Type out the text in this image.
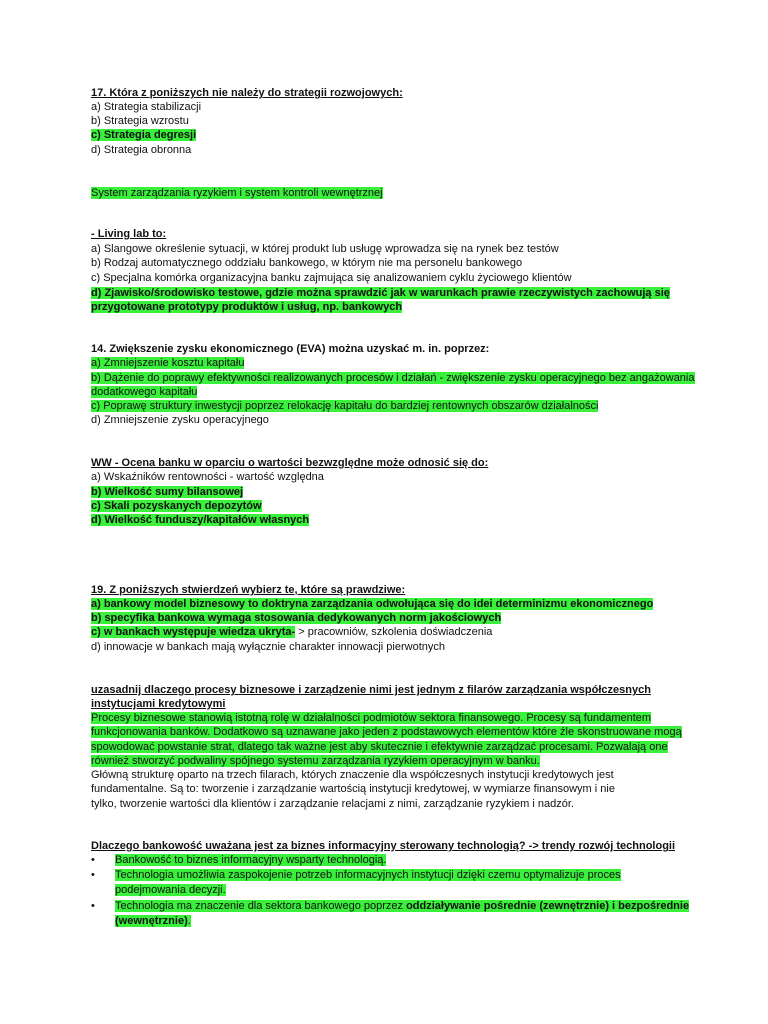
17. Która z poniższych nie należy do strategii rozwojowych:
a) Strategia stabilizacji
b) Strategia wzrostu
c) Strategia degresji
d) Strategia obronna
System zarządzania ryzykiem i system kontroli wewnętrznej
- Living lab to:
a) Slangowe określenie sytuacji, w której produkt lub usługę wprowadza się na rynek bez testów
b) Rodzaj automatycznego oddziału bankowego, w którym nie ma personelu bankowego
c) Specjalna komórka organizacyjna banku zajmująca się analizowaniem cyklu życiowego klientów
d) Zjawisko/środowisko testowe, gdzie można sprawdzić jak w warunkach prawie rzeczywistych zachowują się
przygotowane prototypy produktów i usług, np. bankowych
14. Zwiększenie zysku ekonomicznego (EVA) można uzyskać m. in. poprzez:
a) Zmniejszenie kosztu kapitału
b) Dążenie do poprawy efektywności realizowanych procesów i działań - zwiększenie zysku operacyjnego bez angażowania
dodatkowego kapitału
c) Poprawę struktury inwestycji poprzez relokację kapitału do bardziej rentownych obszarów działalności
d) Zmniejszenie zysku operacyjnego
WW - Ocena banku w oparciu o wartości bezwzględne może odnosić się do:
a) Wskaźników rentowności - wartość względna
b) Wielkość sumy bilansowej
c) Skali pozyskanych depozytów
d) Wielkość funduszy/kapitałów własnych
19. Z poniższych stwierdzeń wybierz te, które są prawdziwe:
a) bankowy model biznesowy to doktryna zarządzania odwołująca się do idei determinizmu ekonomicznego
b) specyfika bankowa wymaga stosowania dedykowanych norm jakościowych
c) w bankach występuje wiedza ukryta- > pracowniów, szkolenia doświadczenia
d) innowacje w bankach mają wyłącznie charakter innowacji pierwotnych
uzasadnij dlaczego procesy biznesowe i zarządzenie nimi jest jednym z filarów zarządzania współczesnych
instytucjami kredytowymi
Procesy biznesowe stanowią istotną rolę w działalności podmiotów sektora finansowego. Procesy są fundamentem
funkcjonowania banków. Dodatkowo są uznawane jako jeden z podstawowych elementów które źle skonstruowane mogą
spowodować powstanie strat, dlatego tak ważne jest aby skutecznie i efektywnie zarządzać procesami. Pozwalają one
również stworzyć podwaliny spójnego systemu zarządzania ryzykiem operacyjnym w banku.
Główną strukturę oparto na trzech filarach, których znaczenie dla współczesnych instytucji kredytowych jest
fundamentalne. Są to: tworzenie i zarządzanie wartością instytucji kredytowej, w wymiarze finansowym i nie
tylko, tworzenie wartości dla klientów i zarządzanie relacjami z nimi, zarządzanie ryzykiem i nadzór.
Dlaczego bankowość uważana jest za biznes informacyjny sterowany technologią? -> trendy rozwój technologii
• Bankowość to biznes informacyjny wsparty technologią.
• Technologia umożliwia zaspokojenie potrzeb informacyjnych instytucji dzięki czemu optymalizuje proces
podejmowania decyzji.
• Technologia ma znaczenie dla sektora bankowego poprzez oddziaływanie pośrednie (zewnętrznie) i bezpośrednie
(wewnętrznie).
